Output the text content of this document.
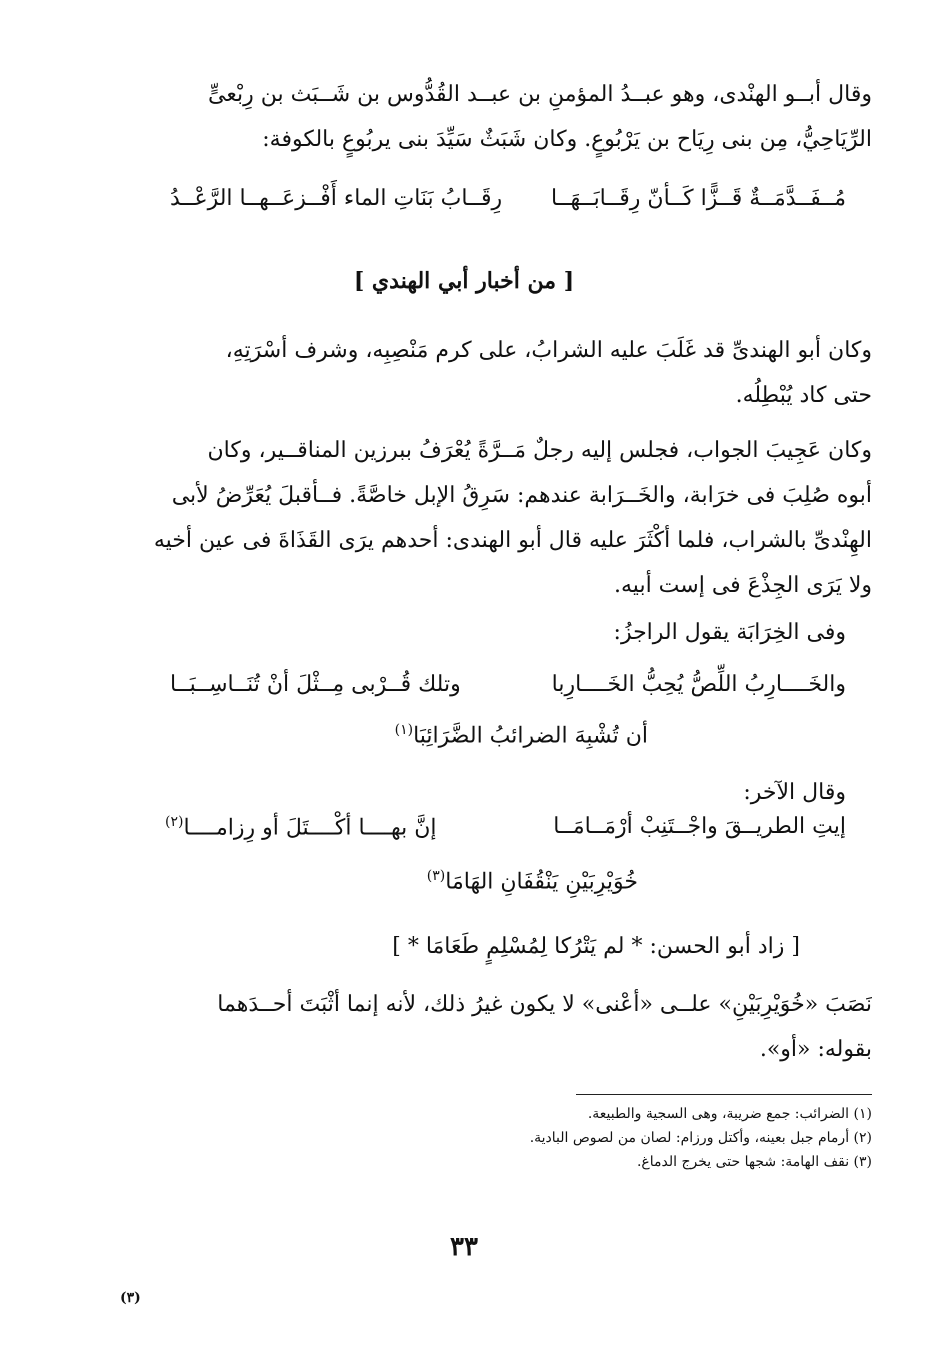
وقال أبــو الهنْدى، وهو عبــدُ المؤمنِ بن عبــد القُدُّوس بن شَــبَث بن رِبْعىٍّ
الرِّيَاحِيُّ، مِن بنى رِيَاح بن يَرْبُوعٍ. وكان شَبَثٌ سَيِّدَ بنى يربُوعٍ بالكوفة:
مُــفَــدَّمَــةٌ قَــزًّا كَــأنّ رِقَــابَــهَــا
رِقَــابُ بَنَاتِ الماء أَفْــزعَــهــا الرَّعْــدُ
[ من أخبار أبي الهندي ]
وكان أبو الهندىِّ قد غَلَبَ عليه الشرابُ، على كرم مَنْصِبِه، وشرف أسْرَتِهِ،
حتى كاد يُبْطِلُه.
وكان عَجِيبَ الجواب، فجلس إليه رجلٌ مَــرَّةً يُعْرَفُ ببرزين المناقــير، وكان
أبوه صُلِبَ فى خرَابة، والخَــرَابة عندهم: سَرِقُ الإبل خاصَّةً. فــأقبلَ يُعَرِّضُ لأبى
الهِنْدىِّ بالشراب، فلما أكْثَرَ عليه قال أبو الهندى: أحدهم يرَى القَذَاةَ فى عين أخيه
ولا يَرَى الجِذْعَ فى إست أبيه.
وفى الخِرَابَة يقول الراجزُ:
والخَــــارِبُ اللِّصُّ يُحِبُّ الخَــــارِبا
وتلك قُــرْبى مِــثْلَ أنْ تُنَــاسِــبَــا
أن تُشْبِهَ الضرائبُ الضَّرَائِبَا$^{(١)}$
وقال الآخر:
إيتِ الطريــقَ واجْــتَنِبْ أرْمَــامَــا
إنَّ بهــــا أكْــــتَلَ أو رِزامــــا$^{(٢)}$
خُوَيْرِبَيْنِ يَنْقُفَانِ الهَامَا$^{(٣)}$
[ زاد أبو الحسن: * لم يَتْرُكا لِمُسْلِمٍ طَعَامَا * ]
نَصَبَ «خُوَيْرِبَيْنِ» علــى «أعْنى» لا يكون غيرُ ذلك، لأنه إنما أثْبَتَ أحــدَهما
بقوله: «أو».
(١) الضرائب: جمع ضريبة، وهى السجية والطبيعة.
(٢) أرمام جبل بعينه، وأكتل ورزام: لصان من لصوص البادية.
(٣) نقف الهامة: شجها حتى يخرج الدماغ.
٣٣
(٣)
